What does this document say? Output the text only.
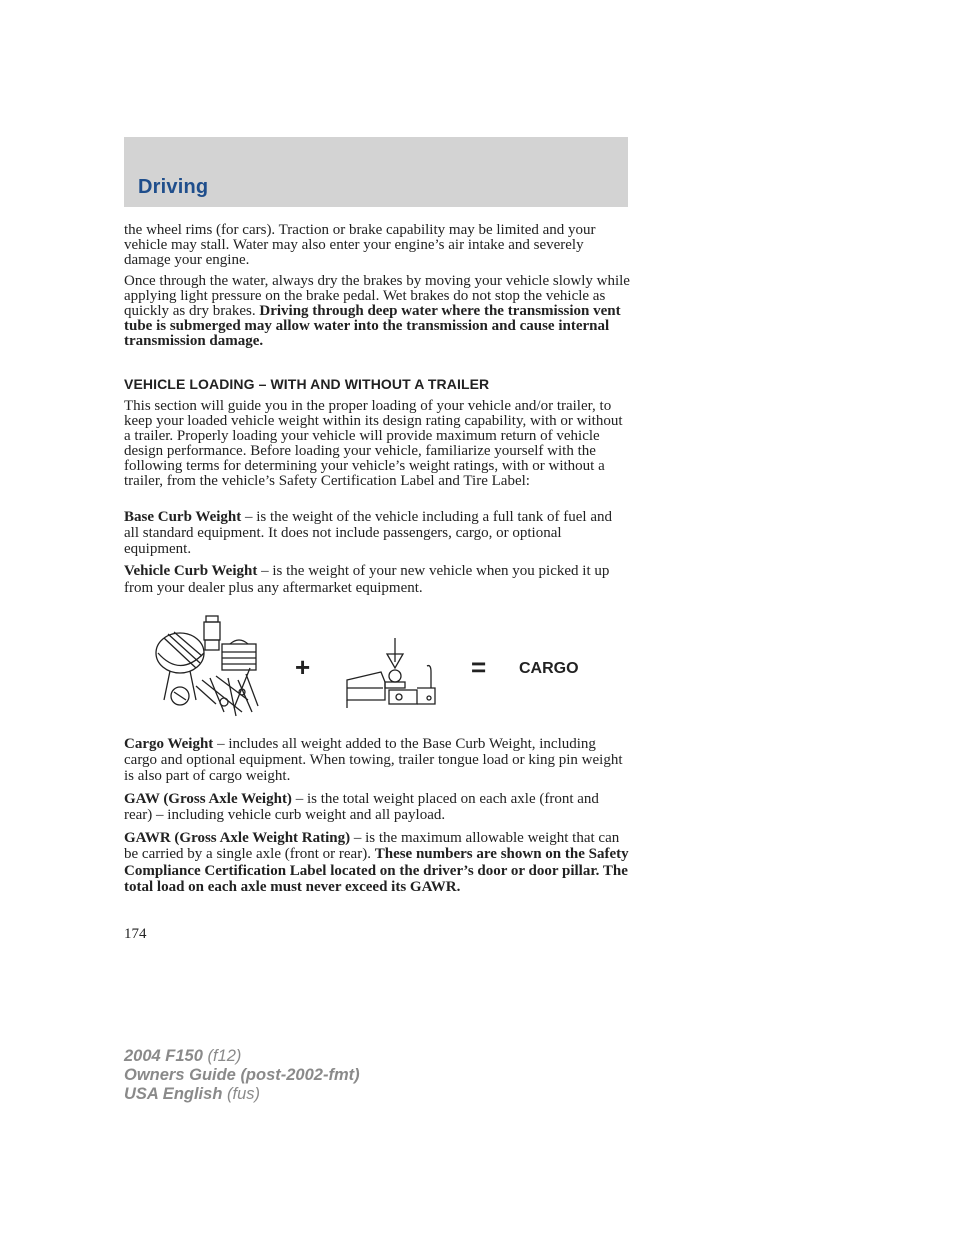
Driving

the wheel rims (for cars). Traction or brake capability may be limited and your vehicle may stall. Water may also enter your engine’s air intake and severely damage your engine.

Once through the water, always dry the brakes by moving your vehicle slowly while applying light pressure on the brake pedal. Wet brakes do not stop the vehicle as quickly as dry brakes. Driving through deep water where the transmission vent tube is submerged may allow water into the transmission and cause internal transmission damage.

VEHICLE LOADING – WITH AND WITHOUT A TRAILER

This section will guide you in the proper loading of your vehicle and/or trailer, to keep your loaded vehicle weight within its design rating capability, with or without a trailer. Properly loading your vehicle will provide maximum return of vehicle design performance. Before loading your vehicle, familiarize yourself with the following terms for determining your vehicle’s weight ratings, with or without a trailer, from the vehicle’s Safety Certification Label and Tire Label:

Base Curb Weight – is the weight of the vehicle including a full tank of fuel and all standard equipment. It does not include passengers, cargo, or optional equipment.

Vehicle Curb Weight – is the weight of your new vehicle when you picked it up from your dealer plus any aftermarket equipment.

+	= CARGO

Cargo Weight – includes all weight added to the Base Curb Weight, including cargo and optional equipment. When towing, trailer tongue load or king pin weight is also part of cargo weight.

GAW (Gross Axle Weight) – is the total weight placed on each axle (front and rear) – including vehicle curb weight and all payload.

GAWR (Gross Axle Weight Rating) – is the maximum allowable weight that can be carried by a single axle (front or rear). These numbers are shown on the Safety Compliance Certification Label located on the driver’s door or door pillar. The total load on each axle must never exceed its GAWR.

174
2004 F150 (f12)
Owners Guide (post-2002-fmt)
USA English (fus)
